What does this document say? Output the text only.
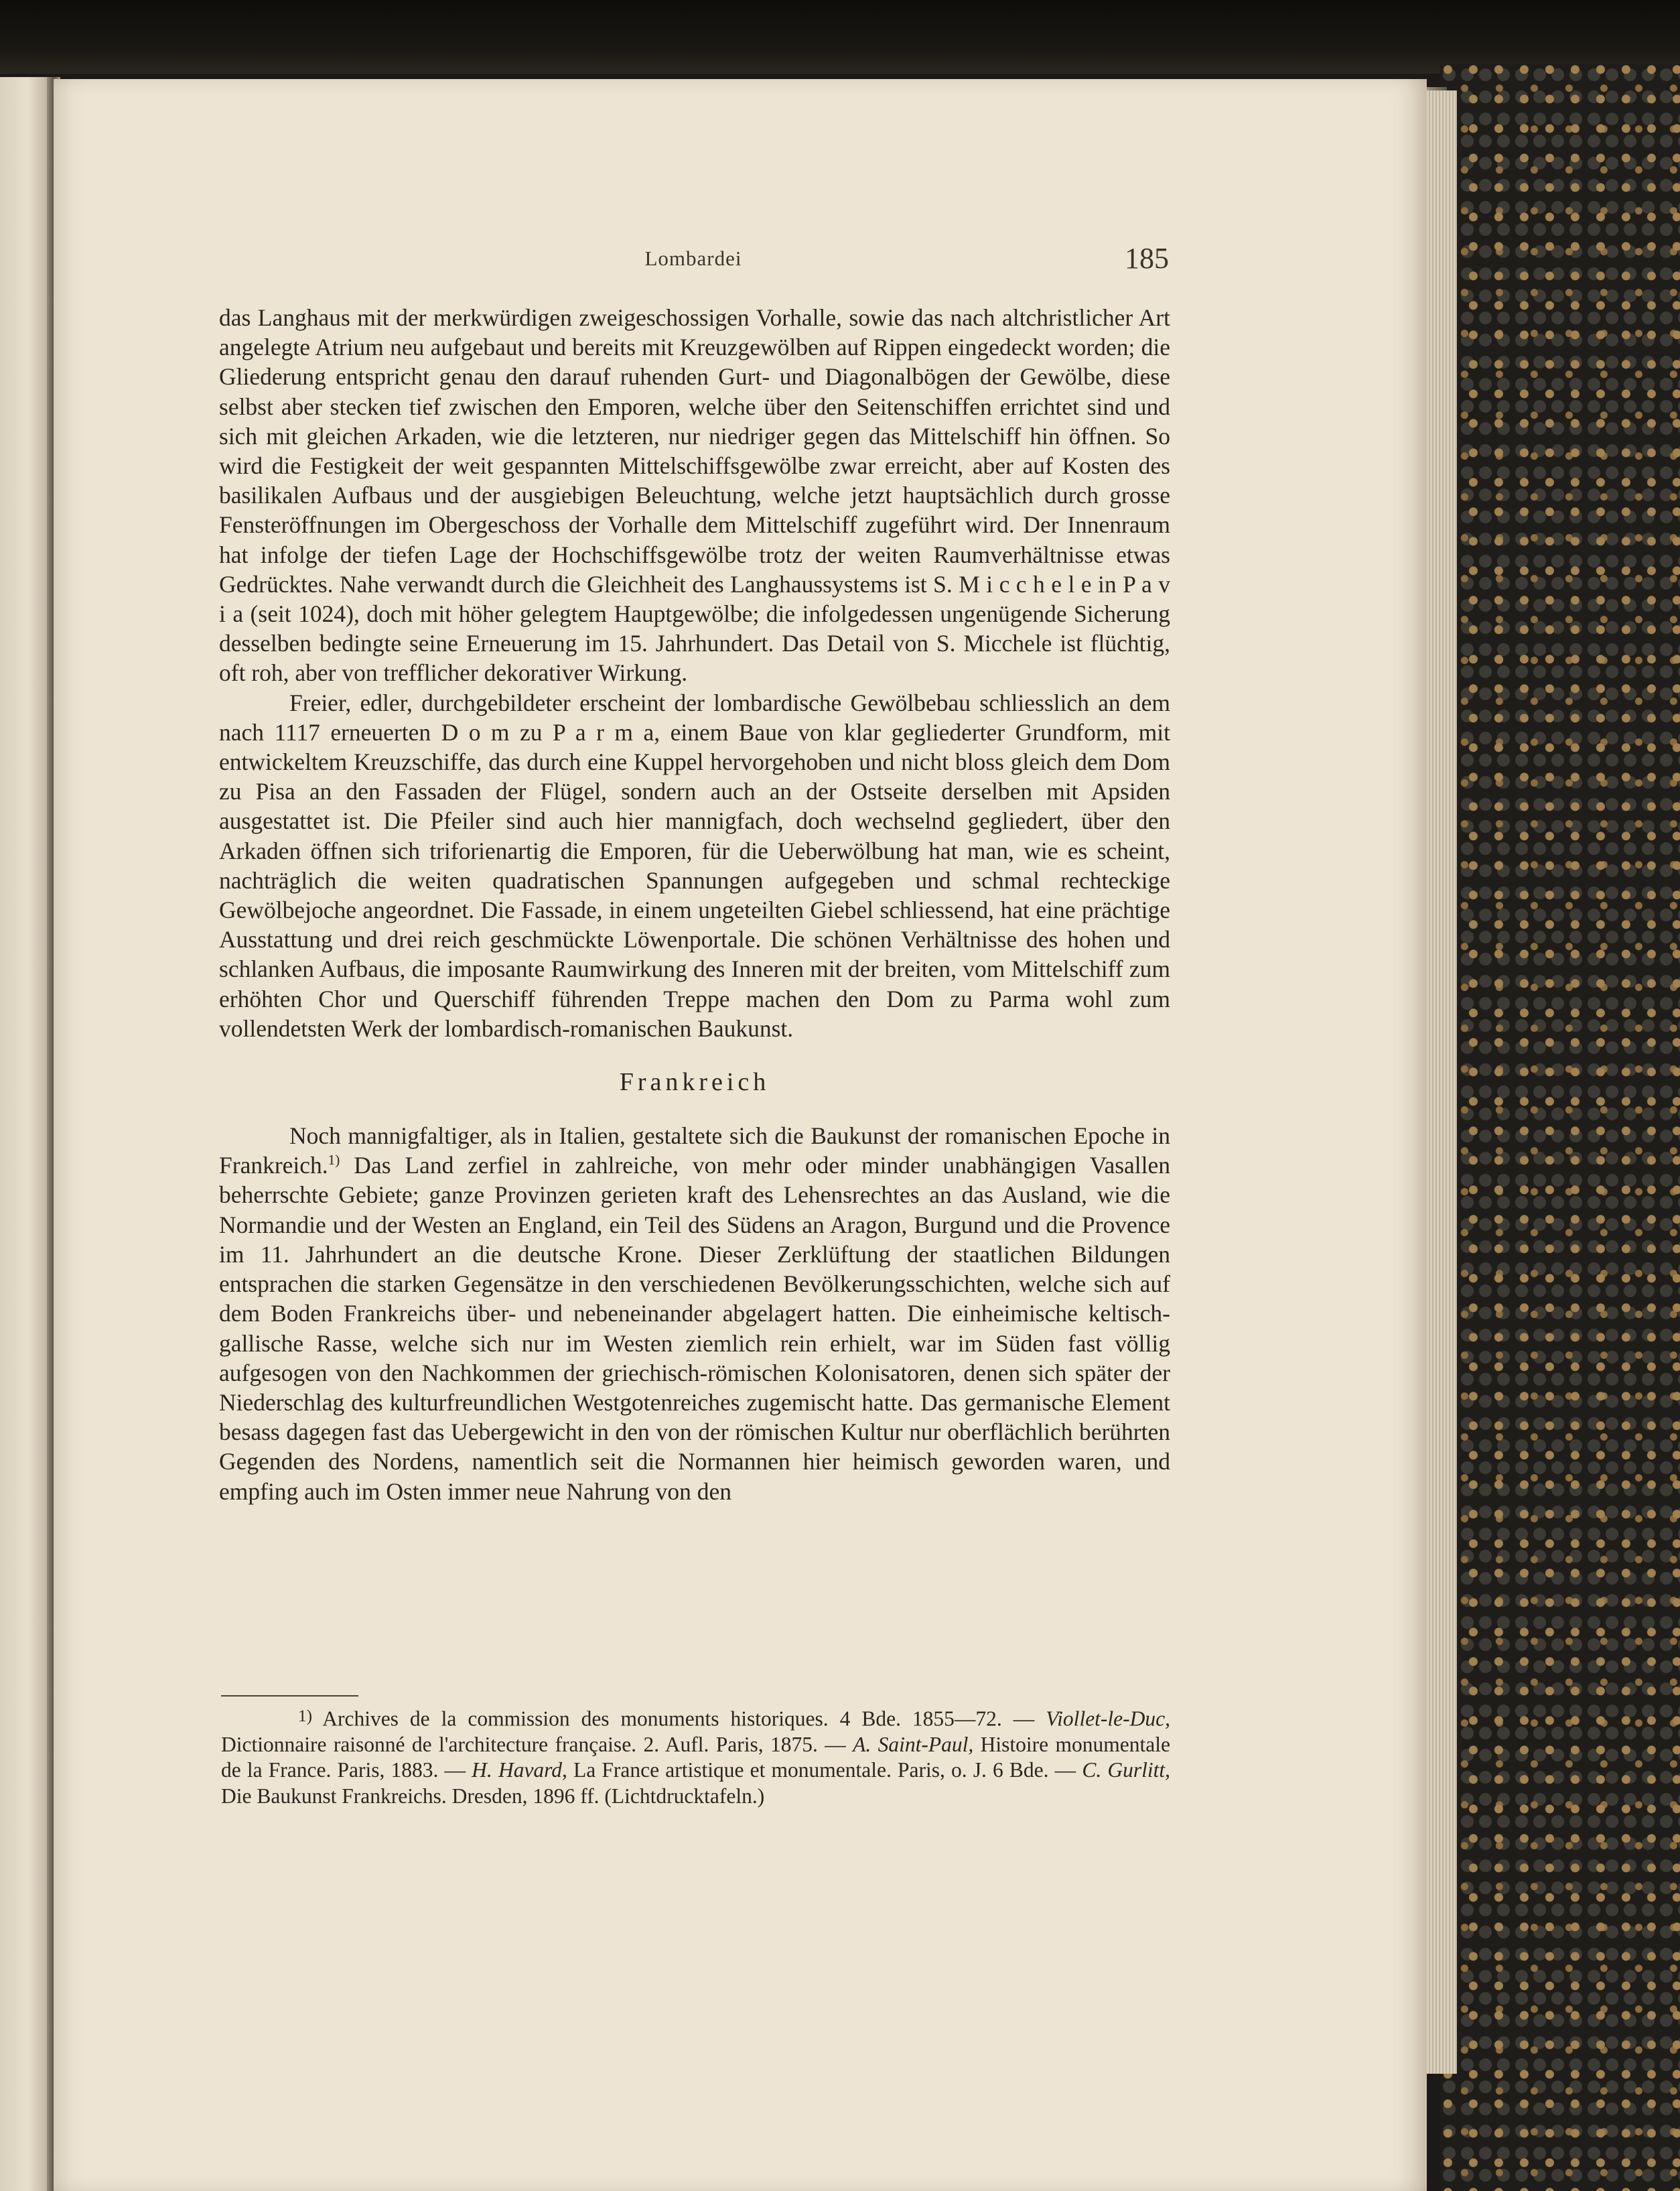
Lombardei	185

das Langhaus mit der merkwürdigen zweigeschossigen Vorhalle, sowie das nach altchristlicher Art angelegte Atrium neu aufgebaut und bereits mit Kreuzgewölben auf Rippen eingedeckt worden; die Gliederung entspricht genau den darauf ruhenden Gurt- und Diagonalbögen der Gewölbe, diese selbst aber stecken tief zwischen den Emporen, welche über den Seitenschiffen errichtet sind und sich mit gleichen Arkaden, wie die letzteren, nur niedriger gegen das Mittelschiff hin öffnen. So wird die Festigkeit der weit gespannten Mittelschiffsgewölbe zwar erreicht, aber auf Kosten des basilikalen Aufbaus und der ausgiebigen Beleuchtung, welche jetzt hauptsächlich durch grosse Fensteröffnungen im Obergeschoss der Vorhalle dem Mittelschiff zugeführt wird. Der Innenraum hat infolge der tiefen Lage der Hochschiffsgewölbe trotz der weiten Raumverhältnisse etwas Gedrücktes. Nahe verwandt durch die Gleichheit des Langhaussystems ist S. M i c c h e l e in P a v i a (seit 1024), doch mit höher gelegtem Hauptgewölbe; die infolgedessen ungenügende Sicherung desselben bedingte seine Erneuerung im 15. Jahrhundert. Das Detail von S. Micchele ist flüchtig, oft roh, aber von trefflicher dekorativer Wirkung.

Freier, edler, durchgebildeter erscheint der lombardische Gewölbebau schliesslich an dem nach 1117 erneuerten D o m zu P a r m a, einem Baue von klar gegliederter Grundform, mit entwickeltem Kreuzschiffe, das durch eine Kuppel hervorgehoben und nicht bloss gleich dem Dom zu Pisa an den Fassaden der Flügel, sondern auch an der Ostseite derselben mit Apsiden ausgestattet ist. Die Pfeiler sind auch hier mannigfach, doch wechselnd gegliedert, über den Arkaden öffnen sich triforienartig die Emporen, für die Ueberwölbung hat man, wie es scheint, nachträglich die weiten quadratischen Spannungen aufgegeben und schmal rechteckige Gewölbejoche angeordnet. Die Fassade, in einem ungeteilten Giebel schliessend, hat eine prächtige Ausstattung und drei reich geschmückte Löwenportale. Die schönen Verhältnisse des hohen und schlanken Aufbaus, die imposante Raumwirkung des Inneren mit der breiten, vom Mittelschiff zum erhöhten Chor und Querschiff führenden Treppe machen den Dom zu Parma wohl zum vollendetsten Werk der lombardisch-romanischen Baukunst.

Frankreich

Noch mannigfaltiger, als in Italien, gestaltete sich die Baukunst der romanischen Epoche in Frankreich.$^{1)}$ Das Land zerfiel in zahlreiche, von mehr oder minder unabhängigen Vasallen beherrschte Gebiete; ganze Provinzen gerieten kraft des Lehensrechtes an das Ausland, wie die Normandie und der Westen an England, ein Teil des Südens an Aragon, Burgund und die Provence im 11. Jahrhundert an die deutsche Krone. Dieser Zerklüftung der staatlichen Bildungen entsprachen die starken Gegensätze in den verschiedenen Bevölkerungsschichten, welche sich auf dem Boden Frankreichs über- und nebeneinander abgelagert hatten. Die einheimische keltisch-gallische Rasse, welche sich nur im Westen ziemlich rein erhielt, war im Süden fast völlig aufgesogen von den Nachkommen der griechisch-römischen Kolonisatoren, denen sich später der Niederschlag des kulturfreundlichen Westgotenreiches zugemischt hatte. Das germanische Element besass dagegen fast das Uebergewicht in den von der römischen Kultur nur oberflächlich berührten Gegenden des Nordens, namentlich seit die Normannen hier heimisch geworden waren, und empfing auch im Osten immer neue Nahrung von den

1) Archives de la commission des monuments historiques. 4 Bde. 1855—72. — Viollet-le-Duc, Dictionnaire raisonné de l'architecture française. 2. Aufl. Paris, 1875. — A. Saint-Paul, Histoire monumentale de la France. Paris, 1883. — H. Havard, La France artistique et monumentale. Paris, o. J. 6 Bde. — C. Gurlitt, Die Baukunst Frankreichs. Dresden, 1896 ff. (Lichtdrucktafeln.)
